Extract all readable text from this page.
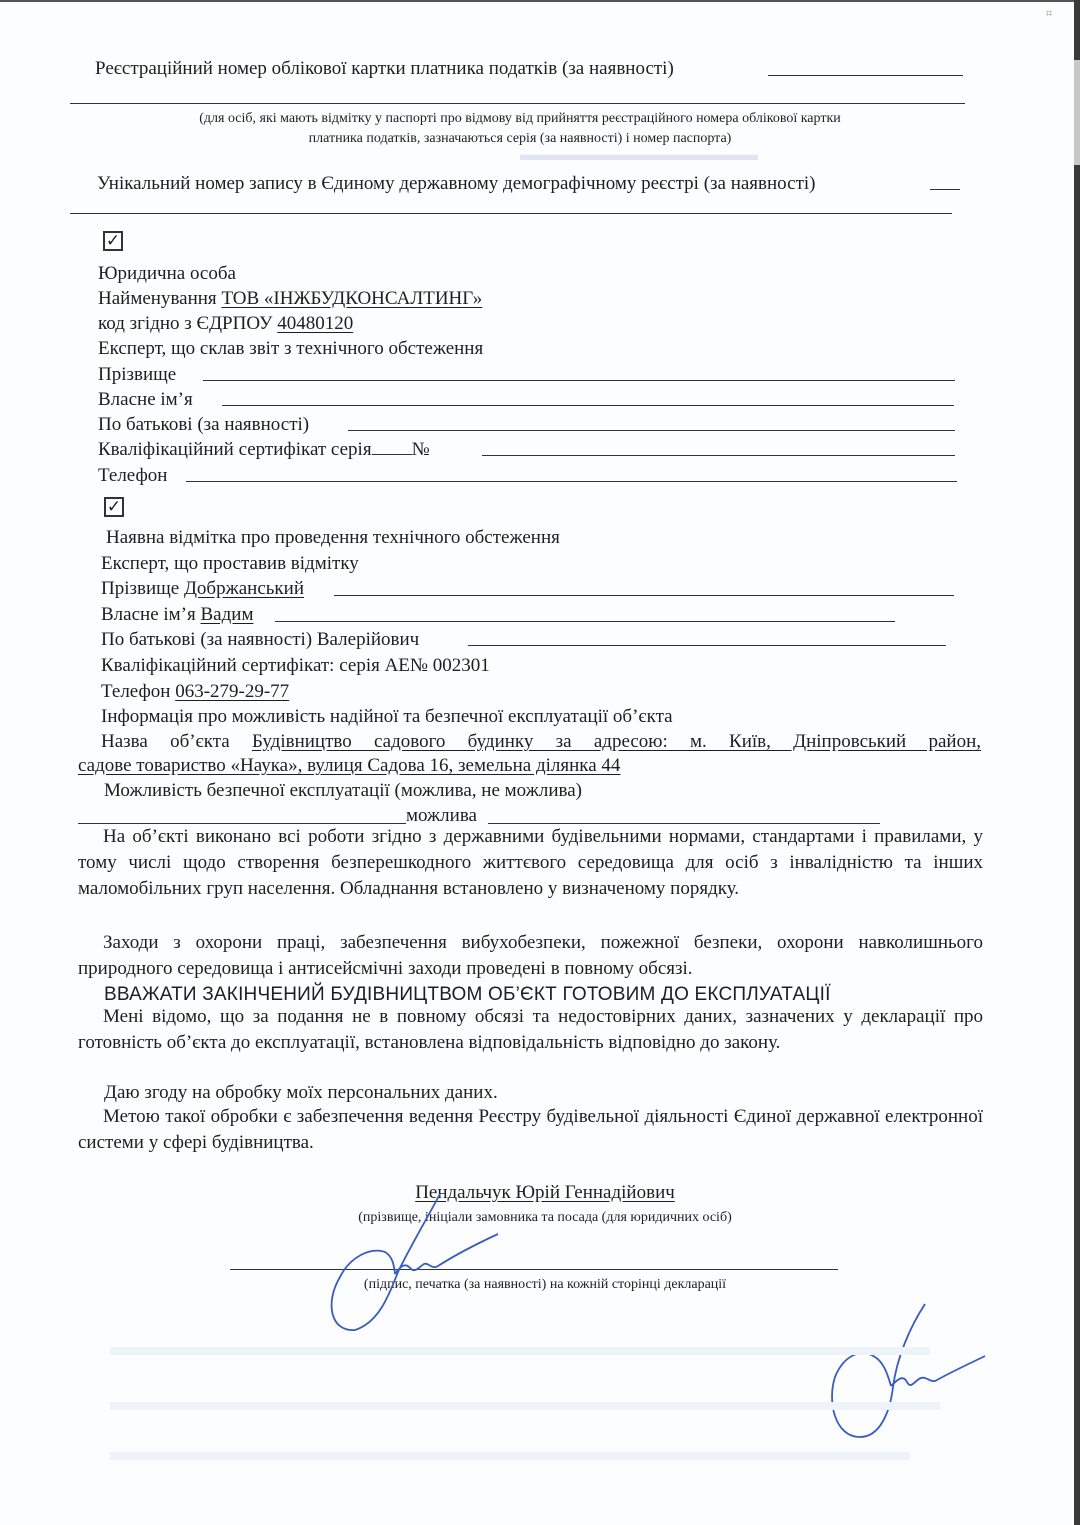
▬▬▬▬▬▬▬▬▬▬▬▬▬▬
⌗
Реєстраційний номер облікової картки платника податків (за наявності)
(для осіб, які мають відмітку у паспорті про відмову від прийняття реєстраційного номера облікової картки
платника податків, зазначаються серія (за наявності) і номер паспорта)
Унікальний номер запису в Єдиному державному демографічному реєстрі (за наявності)
✓
Юридична особа
Найменування ТОВ «ІНЖБУДКОНСАЛТИНГ»
код згідно з ЄДРПОУ 40480120
Експерт, що склав звіт з технічного обстеження
Прізвище
Власне ім’я
По батькові (за наявності)
Кваліфікаційний сертифікат серія №
Телефон
✓
Наявна відмітка про проведення технічного обстеження
Експерт, що проставив відмітку
Прізвище Добржанський
Власне ім’я Вадим
По батькові (за наявності) Валерійович
Кваліфікаційний сертифікат: серія АЕ№ 002301
Телефон 063-279-29-77
Інформація про можливість надійної та безпечної експлуатації об’єкта
Назва об’єкта Будівництво садового будинку за адресою: м. Київ, Дніпровський район,
садове товариство «Наука», вулиця Садова 16, земельна ділянка 44
Можливість безпечної експлуатації (можлива, не можлива)
можлива
На об’єкті виконано всі роботи згідно з державними будівельними нормами, стандартами і правилами, у тому числі щодо створення безперешкодного життєвого середовища для осіб з інвалідністю та інших маломобільних груп населення. Обладнання встановлено у визначеному порядку.
Заходи з охорони праці, забезпечення вибухобезпеки, пожежної безпеки, охорони навколишнього природного середовища і антисейсмічні заходи проведені в повному обсязі.
ВВАЖАТИ ЗАКІНЧЕНИЙ БУДІВНИЦТВОМ ОБ’ЄКТ ГОТОВИМ ДО ЕКСПЛУАТАЦІЇ
Мені відомо, що за подання не в повному обсязі та недостовірних даних, зазначених у декларації про готовність об’єкта до експлуатації, встановлена відповідальність відповідно до закону.
Даю згоду на обробку моїх персональних даних.
Метою такої обробки є забезпечення ведення Реєстру будівельної діяльності Єдиної державної електронної системи у сфері будівництва.
Пендальчук Юрій Геннадійович
(прізвище, ініціали замовника та посада (для юридичних осіб)
(підпис, печатка (за наявності) на кожній сторінці декларації
